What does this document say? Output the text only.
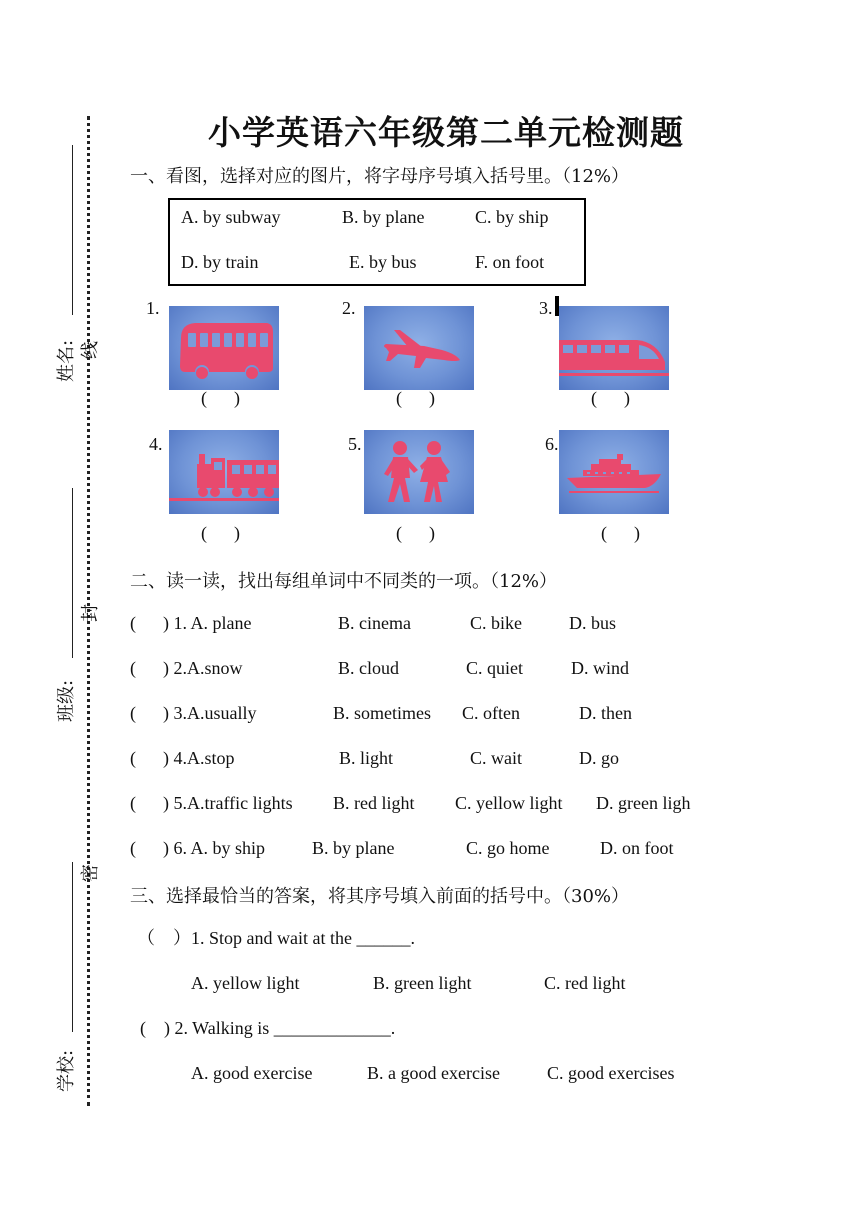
姓名:
班级:
学校:
线
封
密
小学英语六年级第二单元检测题
一、看图，选择对应的图片，将字母序号填入括号里。（12%）
A. by subway	B. by plane	C. by ship
D. by train	E. by bus	F. on foot
1.
(      )
2.
(      )
3.
(      )
4.
(      )
5.
(      )
6.
(      )
二、读一读，找出每组单词中不同类的一项。（12%）
(      ) 1. A. plane	B. cinema	C. bike	D. bus
(      ) 2.A.snow	B. cloud	C. quiet	D. wind
(      ) 3.A.usually	B. sometimes C. often	D. then
(      ) 4.A.stop	B. light	C. wait	D. go
(      ) 5.A.traffic lights B. red light C. yellow light D. green ligh
(      ) 6. A. by ship	B. by plane	C. go home	D. on foot
三、选择最恰当的答案，将其序号填入前面的括号中。（30%）
（    ）1. Stop and wait at the ______.
A. yellow light	B. green light	C. red light
(    ) 2. Walking is _____________.
A. good exercise	B. a good exercise	C. good exercises
